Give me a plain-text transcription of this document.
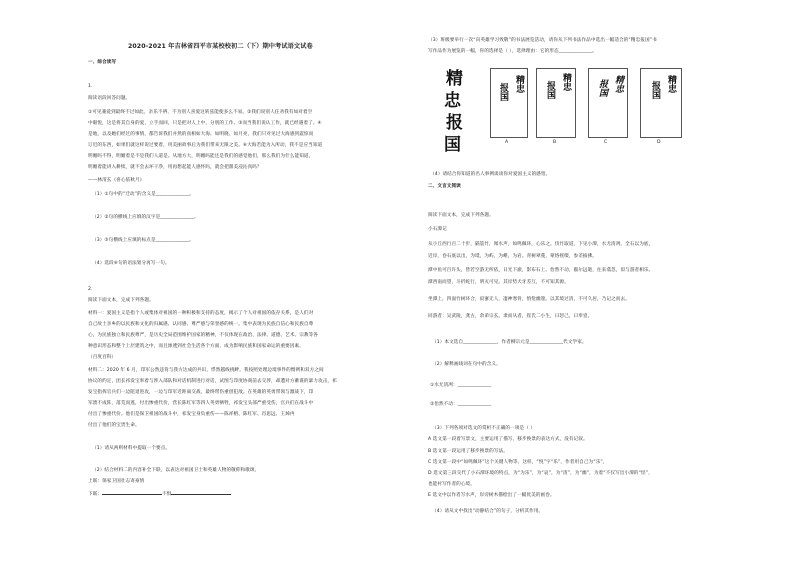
2020-2021 年吉林省四平市某校校初二（下）期中考试语文试卷
一、综合读写
1.
阅读语段回答问题。
①可见兼爱到最终不过如此，亲乐不辨，不为别人喜爱这转弦能使多么不易。②我们说别人任劝我有如对着空
中眼悦，这是将其自身的爱，立手而回，只是把对人上中，分别的工作。③而当我们说认工作，就已经遇着了。④
是地，以及她们经过的事情，都告诉我们并然的真相如大海、如明晓、如月亮，我们只对见过大海感到震惊而
订近的东西，如果们就这样说过要着，用美丽故事后为我们带来无限之美。⑥大海若能为入所动，我不是应当知道
明媚吗不得，明媚着是不是我们人道是。从地方大，明媚吗能还是我们的感觉他们，那么我们为什么能知道，
明媚着能讲入耕犊，就不会去坏干净，用再想起能人感怀吗，就会把甜美浸沁真吗？
——林清玄《喜心依秋月》
（1）①句中的“迁动”的含义是______________。
（2）②句的横线上应填的汉字是______________。
（3）③句横线上应填的标点是______________。
（4）选段⑥句的语法划分再写一句。
2.
阅读下面文本，完成下列各题。
材料一：爱国主义是指个人或集体对祖国的一种积极和支持的态度，揭示了个人对祖国的依存关系，是人们对
自己故土亲乡的以民族和文化的归属感、认同感、尊严感与荣誉感的统一。集中表现为民族自信心和民族自尊
心，为民族独立和民族尊严，是历史全局范围维护国家的精神，不仅体现在政治、法律、道德、艺术、宗教等各
种意识形态和整个上层建筑之中，而且渗透到社会生活各个方面，成为影响民族和国家命运的重要因素。
（百度百科）
材料二：2020 年 6 月，印军公然违背与我方达成的共识，悍然越线挑衅。我按照处理边境事件的惯例和双方之间
协议的约定，团长祁发宝率着与涉入部队和对话机制进行对话，试图与印度协商前去交涉，却遭对方蓄谋的暴力攻击，祁
发宝指挥官兵们一边阻退进攻，一边与印军近距离交战，最终带伤重创犯敌。在英雄的英勇带领与激战下，印
军溃不成阵，落荒而逃，付出惨重代价，营长陈红军等四人英勇牺牲，祁发宝头部严重受伤，官兵们在战斗中
付出了惨重代价。他们是保卫祖国的战斗中，祁发宝身负重伤——陈祥榕、陈红军、肖思远、王焯冉
付出了他们的宝贵生命。
（1）请从两则材料中提取一个要点。
（2）结合材料二的内容补全下联，以表达对祖国卫士和英雄人物的敬仰和歌颂。
上联：保家卫国壮志寄豪情
下联：	不惧
（3）班级要举行一次“向英雄学习致敬”的书法展览活动，请你从下列书法作品中选出一幅适合的“精忠报国”书
写作品作为展览的一幅，你的选择是（ ），选择理由：它的形态______________。
精
忠
报
国
精忠
报国
A
精忠
报国
B
精忠
报国
C
精忠
报国
D
（4）请结合你知道的名人事例谈谈你对爱国主义的感悟。
二、文言文阅读
阅读下面文本，完成下列各题。
小石潭记
从小丘西行百二十步，隔篁竹，闻水声，如鸣佩环，心乐之。伐竹取道，下见小潭，水尤清冽。全石以为底，
近岸，卷石底以出，为坻，为屿，为嵁，为岩。青树翠蔓，蒙络摇缀，参差披拂。
潭中鱼可百许头，皆若空游无所依，日光下澈，影布石上。佁然不动，俶尔远逝，往来翕忽，似与游者相乐。
潭西南而望，斗折蛇行，明灭可见。其岸势犬牙差互，不可知其源。
坐潭上，四面竹树环合，寂寥无人，凄神寒骨，悄怆幽邃。以其境过清，不可久居，乃记之而去。
同游者：吴武陵，龚古，余弟宗玄。隶而从者，崔氏二小生，曰恕己，曰奉壹。
（1）本文选自______________，作者柳宗元是______________代文学家。
（2）解释画线词在句中的含义。
①水尤清冽：______________
②佁然不动：______________
（3）下列各项对选文的赏析不正确的一项是（ ）
A 选文第一段着写景文，主要运用了描写、移步换景的表达方式，没有记叙。
B 选文第一段运用了移步换景的写法。
C 选文第一段中“如鸣佩环”这个关键人物等。这样，“悦”字“乐”，作者用自己为“乐”，
D 选文第三段交代了小石潭环境的特点，为“为乐”，为“哀”，为“清”，为“幽”，为着“不仅写出小潭的“怪”，
也能衬写作者的心境。
E 选文中以作者写水声，岸旁树木描绘出了一幅优美的画卷。
（4）请从文中找出“动静结合”的句子，分析其作用。
